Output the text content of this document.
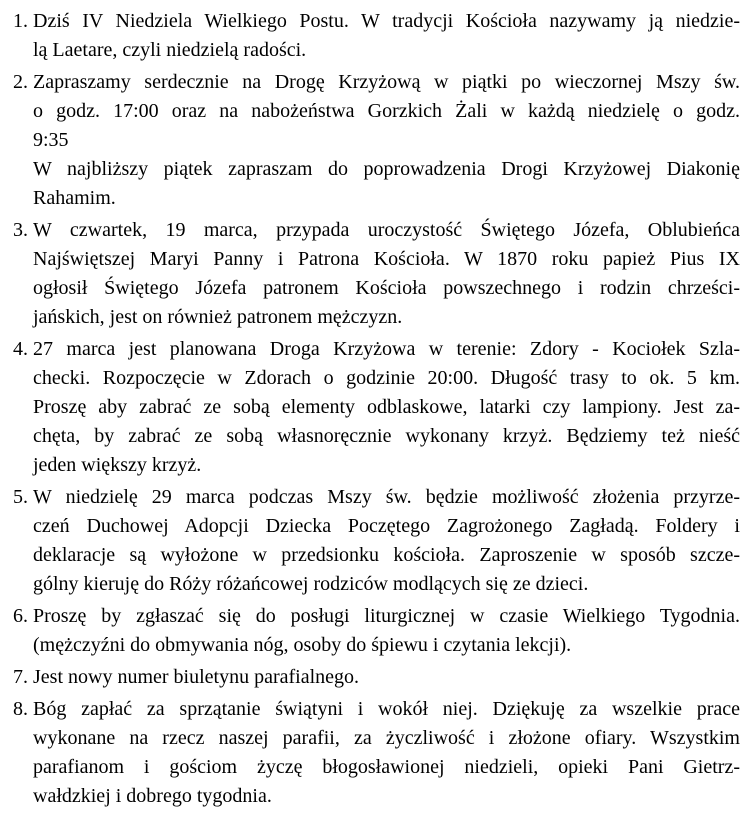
1. Dziś IV Niedziela Wielkiego Postu. W tradycji Kościoła nazywamy ją niedzie-
lą Laetare, czyli niedzielą radości.
2. Zapraszamy serdecznie na Drogę Krzyżową w piątki po wieczornej Mszy św.
o godz. 17:00 oraz na nabożeństwa Gorzkich Żali w każdą niedzielę o godz.
9:35
W najbliższy piątek zapraszam do poprowadzenia Drogi Krzyżowej Diakonię
Rahamim.
3. W czwartek, 19 marca, przypada uroczystość Świętego Józefa, Oblubieńca
Najświętszej Maryi Panny i Patrona Kościoła. W 1870 roku papież Pius IX
ogłosił Świętego Józefa patronem Kościoła powszechnego i rodzin chrześci-
jańskich, jest on również patronem mężczyzn.
4. 27 marca jest planowana Droga Krzyżowa w terenie: Zdory - Kociołek Szla-
checki. Rozpoczęcie w Zdorach o godzinie 20:00. Długość trasy to ok. 5 km.
Proszę aby zabrać ze sobą elementy odblaskowe, latarki czy lampiony. Jest za-
chęta, by zabrać ze sobą własnoręcznie wykonany krzyż. Będziemy też nieść
jeden większy krzyż.
5. W niedzielę 29 marca podczas Mszy św. będzie możliwość złożenia przyrze-
czeń Duchowej Adopcji Dziecka Poczętego Zagrożonego Zagładą. Foldery i
deklaracje są wyłożone w przedsionku kościoła. Zaproszenie w sposób szcze-
gólny kieruję do Róży różańcowej rodziców modlących się ze dzieci.
6. Proszę by zgłaszać się do posługi liturgicznej w czasie Wielkiego Tygodnia.
(mężczyźni do obmywania nóg, osoby do śpiewu i czytania lekcji).
7. Jest nowy numer biuletynu parafialnego.
8. Bóg zapłać za sprzątanie świątyni i wokół niej. Dziękuję za wszelkie prace
wykonane na rzecz naszej parafii, za życzliwość i złożone ofiary. Wszystkim
parafianom i gościom życzę błogosławionej niedzieli, opieki Pani Gietrz-
wałdzkiej i dobrego tygodnia.
